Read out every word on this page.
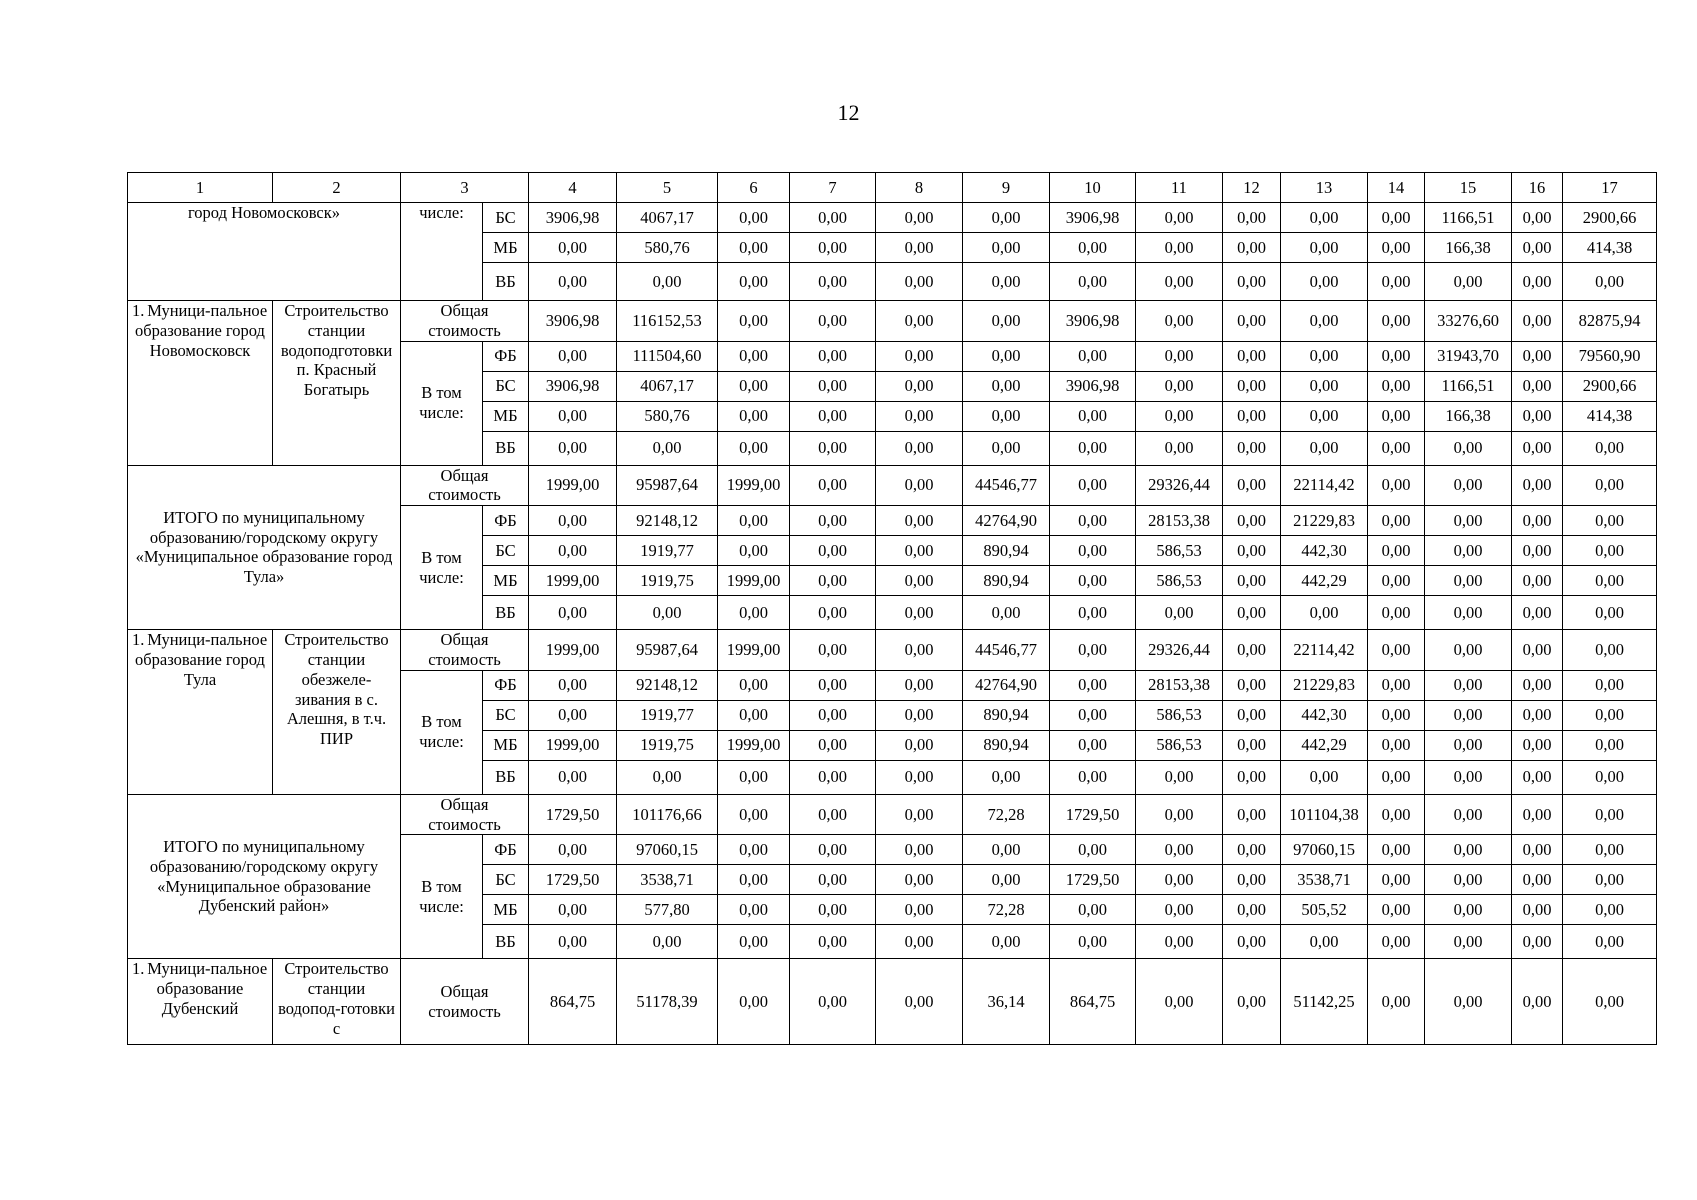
12
1	2	3		4	5	6	7	8	9	10	11	12	13	14	15	16	17
город Новомосковск»		числе:	БС	3906,98	4067,17	0,00	0,00	0,00	0,00	3906,98	0,00	0,00	0,00	0,00	1166,51	0,00	2900,66
			МБ	0,00	580,76	0,00	0,00	0,00	0,00	0,00	0,00	0,00	0,00	0,00	166,38	0,00	414,38
			ВБ	0,00	0,00	0,00	0,00	0,00	0,00	0,00	0,00	0,00	0,00	0,00	0,00	0,00	0,00

1. Муници-пальное образование город Новомосковск	Строительство станции водоподготовки п. Красный Богатырь	Общая стоимость		3906,98	116152,53	0,00	0,00	0,00	0,00	3906,98	0,00	0,00	0,00	0,00	33276,60	0,00	82875,94
		В том числе:	ФБ	0,00	111504,60	0,00	0,00	0,00	0,00	0,00	0,00	0,00	0,00	0,00	31943,70	0,00	79560,90
			БС	3906,98	4067,17	0,00	0,00	0,00	0,00	3906,98	0,00	0,00	0,00	0,00	1166,51	0,00	2900,66
			МБ	0,00	580,76	0,00	0,00	0,00	0,00	0,00	0,00	0,00	0,00	0,00	166,38	0,00	414,38
			ВБ	0,00	0,00	0,00	0,00	0,00	0,00	0,00	0,00	0,00	0,00	0,00	0,00	0,00	0,00
ИТОГО по муниципальному образованию/городскому округу «Муниципальное образование город Тула»		Общая стоимость		1999,00	95987,64	1999,00	0,00	0,00	44546,77	0,00	29326,44	0,00	22114,42	0,00	0,00	0,00	0,00
		В том числе:	ФБ	0,00	92148,12	0,00	0,00	0,00	42764,90	0,00	28153,38	0,00	21229,83	0,00	0,00	0,00	0,00
			БС	0,00	1919,77	0,00	0,00	0,00	890,94	0,00	586,53	0,00	442,30	0,00	0,00	0,00	0,00
			МБ	1999,00	1919,75	1999,00	0,00	0,00	890,94	0,00	586,53	0,00	442,29	0,00	0,00	0,00	0,00
			ВБ	0,00	0,00	0,00	0,00	0,00	0,00	0,00	0,00	0,00	0,00	0,00	0,00	0,00	0,00

1. Муници-пальное образование город Тула	Строительство станции обезжеле-зивания в с. Алешня, в т.ч. ПИР	Общая стоимость		1999,00	95987,64	1999,00	0,00	0,00	44546,77	0,00	29326,44	0,00	22114,42	0,00	0,00	0,00	0,00
		В том числе:	ФБ	0,00	92148,12	0,00	0,00	0,00	42764,90	0,00	28153,38	0,00	21229,83	0,00	0,00	0,00	0,00
			БС	0,00	1919,77	0,00	0,00	0,00	890,94	0,00	586,53	0,00	442,30	0,00	0,00	0,00	0,00
			МБ	1999,00	1919,75	1999,00	0,00	0,00	890,94	0,00	586,53	0,00	442,29	0,00	0,00	0,00	0,00
			ВБ	0,00	0,00	0,00	0,00	0,00	0,00	0,00	0,00	0,00	0,00	0,00	0,00	0,00	0,00
ИТОГО по муниципальному образованию/городскому округу «Муниципальное образование Дубенский район»		Общая стоимость		1729,50	101176,66	0,00	0,00	0,00	72,28	1729,50	0,00	0,00	101104,38	0,00	0,00	0,00	0,00
		В том числе:	ФБ	0,00	97060,15	0,00	0,00	0,00	0,00	0,00	0,00	0,00	97060,15	0,00	0,00	0,00	0,00
			БС	1729,50	3538,71	0,00	0,00	0,00	0,00	1729,50	0,00	0,00	3538,71	0,00	0,00	0,00	0,00
			МБ	0,00	577,80	0,00	0,00	0,00	72,28	0,00	0,00	0,00	505,52	0,00	0,00	0,00	0,00
			ВБ	0,00	0,00	0,00	0,00	0,00	0,00	0,00	0,00	0,00	0,00	0,00	0,00	0,00	0,00

1. Муници-пальное образование Дубенский	Строительство станции водопод-готовки с	Общая стоимость		864,75	51178,39	0,00	0,00	0,00	36,14	864,75	0,00	0,00	51142,25	0,00	0,00	0,00	0,00
